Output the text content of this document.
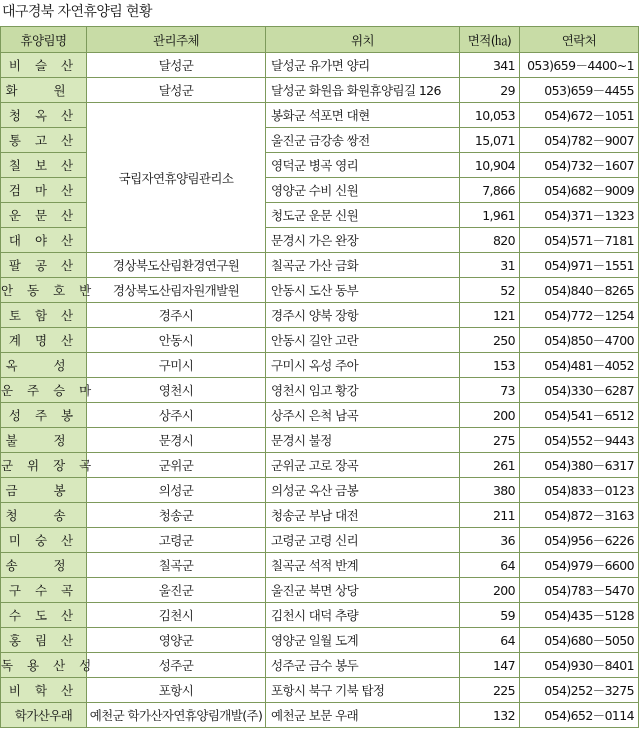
대구경북 자연휴양림 현황
휴양림명	관리주체	위치	면적(㏊)	연락처
비 슬 산	달성군	달성군 유가면 양리	341	053)659－4400~1
화 원	달성군	달성군 화원읍 화원휴양림길 126	29	053)659－4455
청 옥 산	국립자연휴양림관리소	봉화군 석포면 대현	10,053	054)672－1051
통 고 산		울진군 금강송 쌍전	15,071	054)782－9007
칠 보 산		영덕군 병곡 영리	10,904	054)732－1607
검 마 산		영양군 수비 신원	7,866	054)682－9009
운 문 산		청도군 운문 신원	1,961	054)371－1323
대 야 산		문경시 가은 완장	820	054)571－7181
팔 공 산	경상북도산림환경연구원	칠곡군 가산 금화	31	054)971－1551
안 동 호 반	경상북도산림자원개발원	안동시 도산 동부	52	054)840－8265
토 함 산	경주시	경주시 양북 장항	121	054)772－1254
계 명 산	안동시	안동시 길안 고란	250	054)850－4700
옥 성	구미시	구미시 옥성 주아	153	054)481－4052
운 주 승 마	영천시	영천시 임고 황강	73	054)330－6287
성 주 봉	상주시	상주시 은척 남곡	200	054)541－6512
불 정	문경시	문경시 불정	275	054)552－9443
군 위 장 곡	군위군	군위군 고로 장곡	261	054)380－6317
금 봉	의성군	의성군 옥산 금봉	380	054)833－0123
청 송	청송군	청송군 부남 대전	211	054)872－3163
미 숭 산	고령군	고령군 고령 신리	36	054)956－6226
송 정	칠곡군	칠곡군 석적 반계	64	054)979－6600
구 수 곡	울진군	울진군 북면 상당	200	054)783－5470
수 도 산	김천시	김천시 대덕 추량	59	054)435－5128
홍 림 산	영양군	영양군 일월 도계	64	054)680－5050
독 용 산 성	성주군	성주군 금수 봉두	147	054)930－8401
비 학 산	포항시	포항시 북구 기북 탑정	225	054)252－3275
학가산우래	예천군 학가산자연휴양림개발(주)	예천군 보문 우래	132	054)652－0114
